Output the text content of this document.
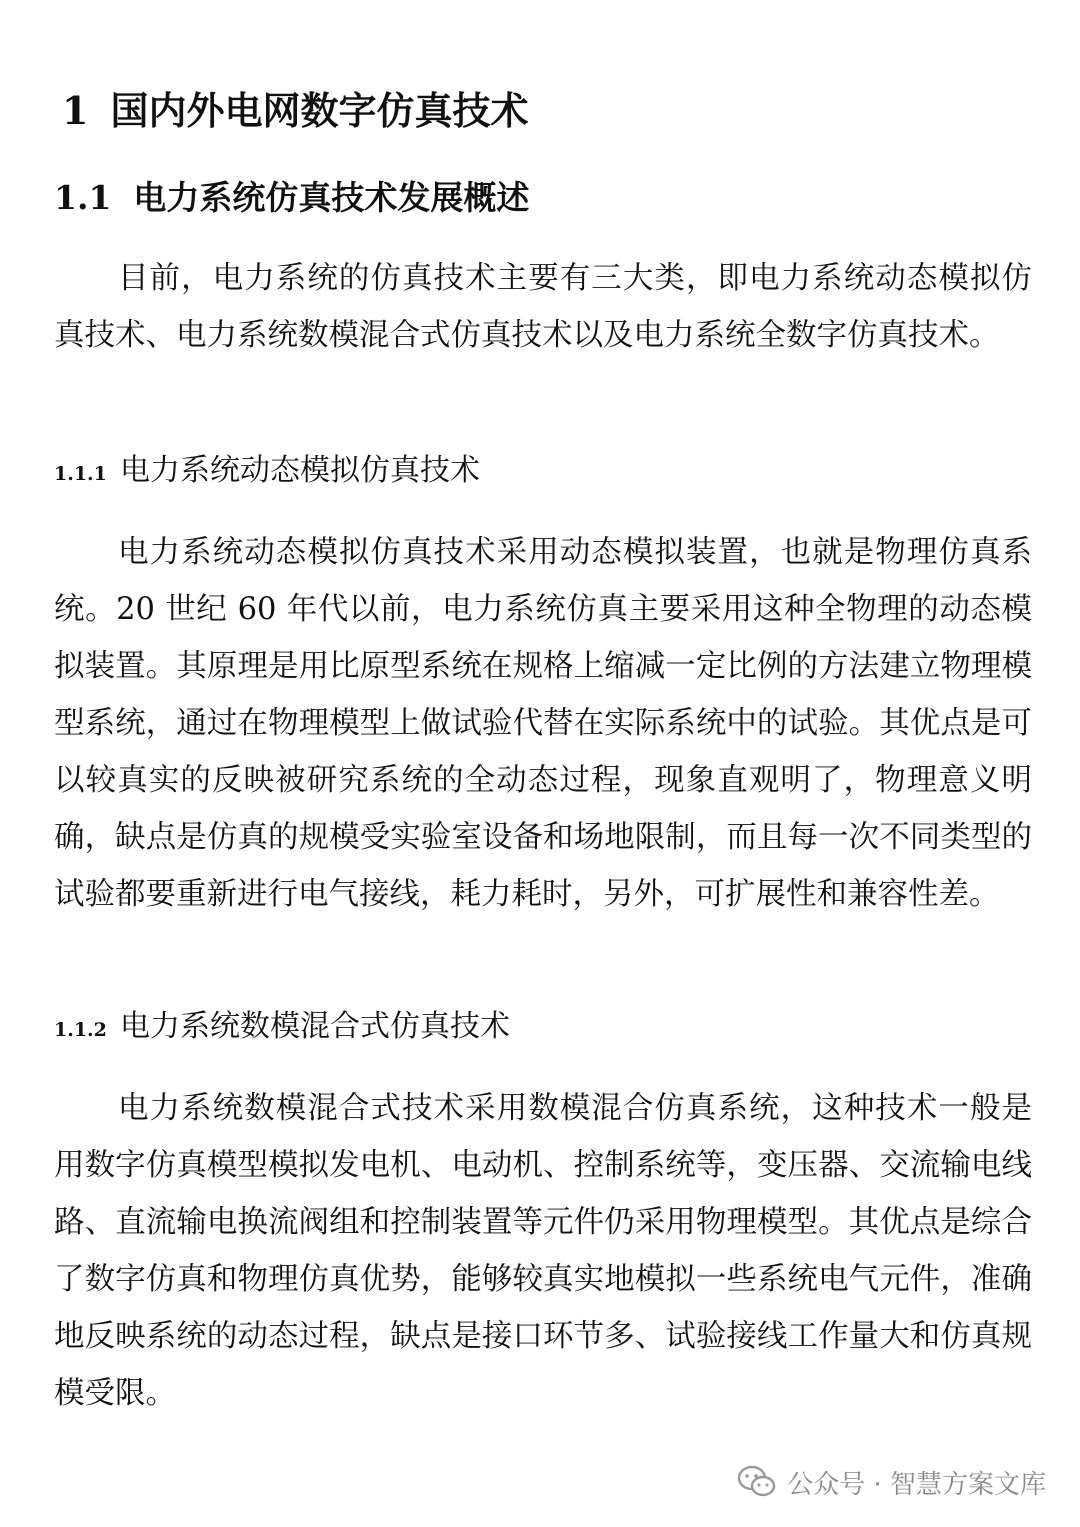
1 国内外电网数字仿真技术
1.1 电力系统仿真技术发展概述

目前，电力系统的仿真技术主要有三大类，即电力系统动态模拟仿真技术、电力系统数模混合式仿真技术以及电力系统全数字仿真技术。

1.1.1 电力系统动态模拟仿真技术

电力系统动态模拟仿真技术采用动态模拟装置，也就是物理仿真系统。20 世纪 60 年代以前，电力系统仿真主要采用这种全物理的动态模拟装置。其原理是用比原型系统在规格上缩减一定比例的方法建立物理模型系统，通过在物理模型上做试验代替在实际系统中的试验。其优点是可以较真实的反映被研究系统的全动态过程，现象直观明了，物理意义明确，缺点是仿真的规模受实验室设备和场地限制，而且每一次不同类型的试验都要重新进行电气接线，耗力耗时，另外，可扩展性和兼容性差。

1.1.2 电力系统数模混合式仿真技术

电力系统数模混合式技术采用数模混合仿真系统，这种技术一般是用数字仿真模型模拟发电机、电动机、控制系统等，变压器、交流输电线路、直流输电换流阀组和控制装置等元件仍采用物理模型。其优点是综合了数字仿真和物理仿真优势，能够较真实地模拟一些系统电气元件，准确地反映系统的动态过程，缺点是接口环节多、试验接线工作量大和仿真规模受限。

公众号 · 智慧方案文库
